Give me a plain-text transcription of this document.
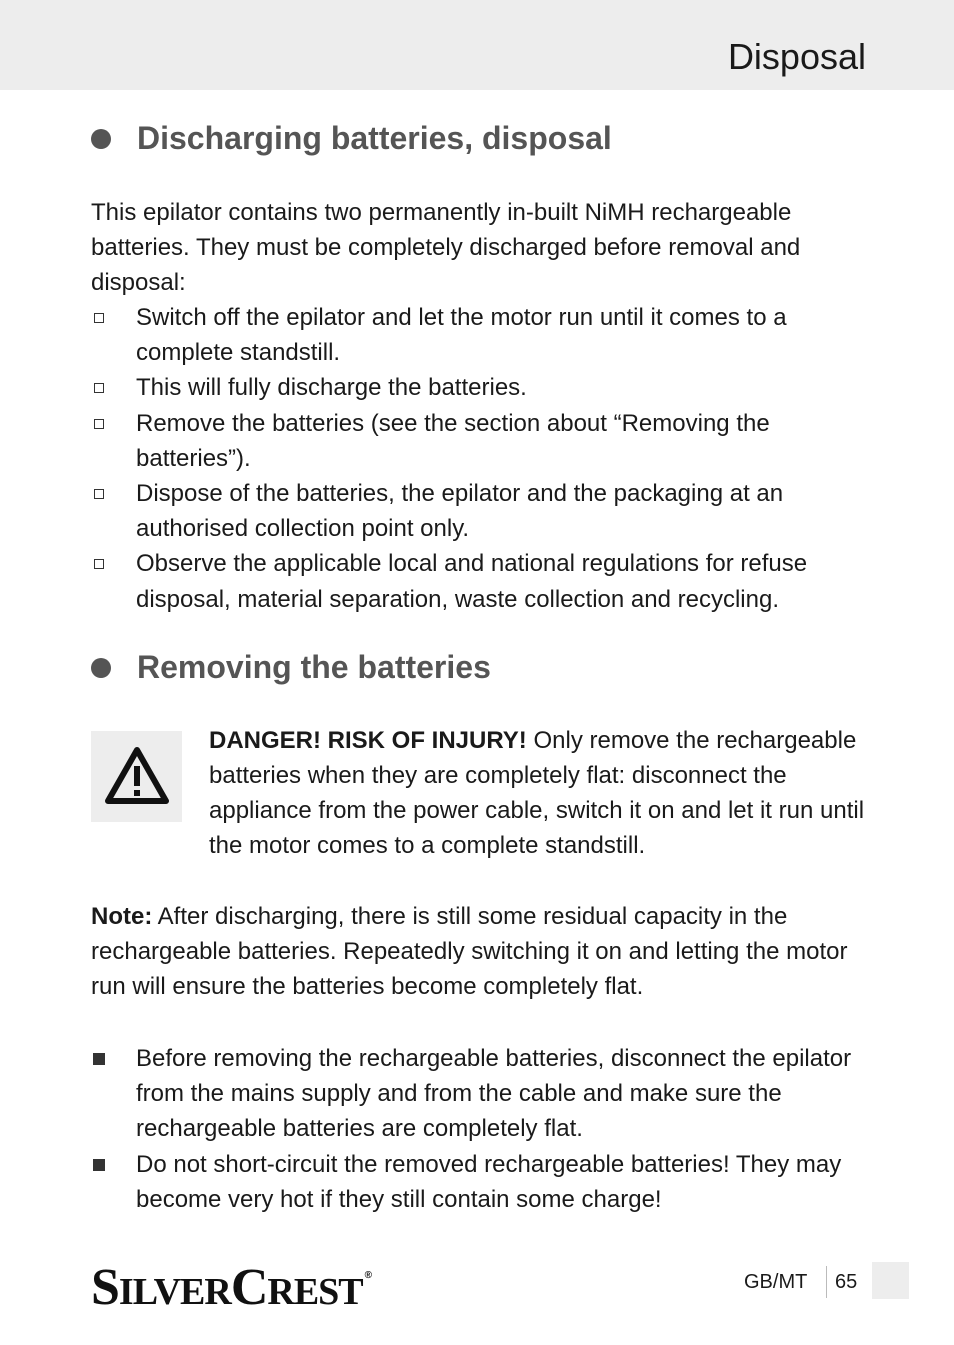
Disposal
Discharging batteries, disposal
This epilator contains two permanently in-built NiMH rechargeable batteries. They must be completely discharged before removal and disposal:
Switch off the epilator and let the motor run until it comes to a complete standstill.
This will fully discharge the batteries.
Remove the batteries (see the section about “Removing the batteries”).
Dispose of the batteries, the epilator and the packaging at an authorised collection point only.
Observe the applicable local and national regulations for refuse disposal, material separation, waste collection and recycling.
Removing the batteries
DANGER! RISK OF INJURY! Only remove the rechargeable batteries when they are completely flat: disconnect the appliance from the power cable, switch it on and let it run until the motor comes to a complete standstill.
Note: After discharging, there is still some residual capacity in the rechargeable batteries. Repeatedly switching it on and letting the motor run will ensure the batteries become completely flat.
Before removing the rechargeable batteries, disconnect the epilator from the mains supply and from the cable and make sure the rechargeable batteries are completely flat.
Do not short-circuit the removed rechargeable batteries! They may become very hot if they still contain some charge!
SILVERCREST ®	GB/MT 65
